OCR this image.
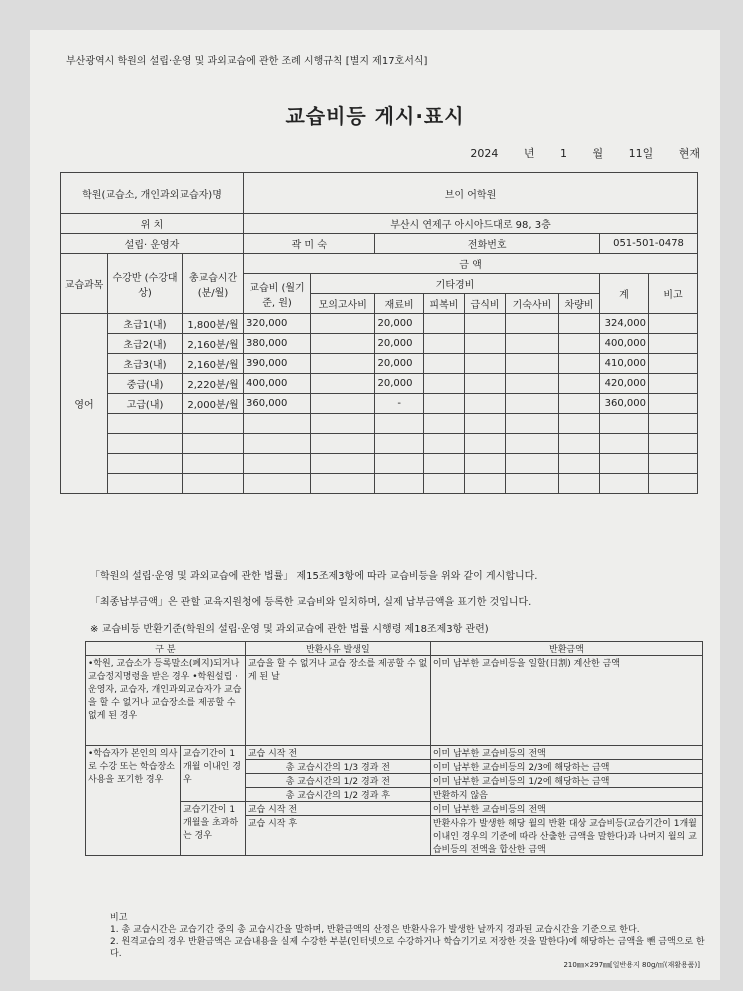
부산광역시 학원의 설립·운영 및 과외교습에 관한 조례 시행규칙 [별지 제17호서식]
교습비등 게시·표시
2024 년 1 월 11일 현재
학원(교습소, 개인과외교습자)명			브이 어학원								
위 치			부산시 연제구 아시아드대로 98, 3층								
설립· 운영자			곽 미 숙		전화번호					051-501-0478	
교습과목	수강반 (수강대상)	총교습시간(분/월)	금 액								
			교습비 (월기준, 원)	기타경비						계	비고
				모의고사비	재료비	피복비	급식비	기숙사비	차량비		
영어	초급1(내)	1,800분/월	320,000		20,000					324,000	
	초급2(내)	2,160분/월	380,000		20,000					400,000	
	초급3(내)	2,160분/월	390,000		20,000					410,000	
	중급(내)	2,220분/월	400,000		20,000					420,000	
	고급(내)	2,000분/월	360,000		-					360,000	

「학원의 설립·운영 및 과외교습에 관한 법률」 제15조제3항에 따라 교습비등을 위와 같이 게시합니다.
「최종납부금액」은 관할 교육지원청에 등록한 교습비와 일치하며, 실제 납부금액을 표기한 것입니다.
※ 교습비등 반환기준(학원의 설립·운영 및 과외교습에 관한 법률 시행령 제18조제3항 관련)
구 분		반환사유 발생일	반환금액
•학원, 교습소가 등록말소(폐지)되거나 교습정지명령을 받은 경우 •학원설립 · 운영자, 교습자, 개인과외교습자가 교습을 할 수 없거나 교습장소를 제공할 수 없게 된 경우		교습을 할 수 없거나 교습 장소를 제공할 수 없게 된 날	이미 납부한 교습비등을 일할(日割) 계산한 금액
•학습자가 본인의 의사로 수강 또는 학습장소 사용을 포기한 경우	교습기간이 1개월 이내인 경우	교습 시작 전	이미 납부한 교습비등의 전액
		총 교습시간의 1/3 경과 전	이미 납부한 교습비등의 2/3에 해당하는 금액
		총 교습시간의 1/2 경과 전	이미 납부한 교습비등의 1/2에 해당하는 금액
		총 교습시간의 1/2 경과 후	반환하지 않음
	교습기간이 1개월을 초과하는 경우	교습 시작 전	이미 납부한 교습비등의 전액
		교습 시작 후	반환사유가 발생한 해당 월의 반환 대상 교습비등(교습기간이 1개월 이내인 경우의 기준에 따라 산출한 금액을 말한다)과 나머지 월의 교습비등의 전액을 합산한 금액
비고
1. 총 교습시간은 교습기간 중의 총 교습시간을 말하며, 반환금액의 산정은 반환사유가 발생한 날까지 경과된 교습시간을 기준으로 한다.
2. 원격교습의 경우 반환금액은 교습내용을 실제 수강한 부분(인터넷으로 수강하거나 학습기기로 저장한 것을 말한다)에 해당하는 금액을 뺀 금액으로 한다.
210㎜×297㎜[일반용지 80g/㎡(재활용품)]
